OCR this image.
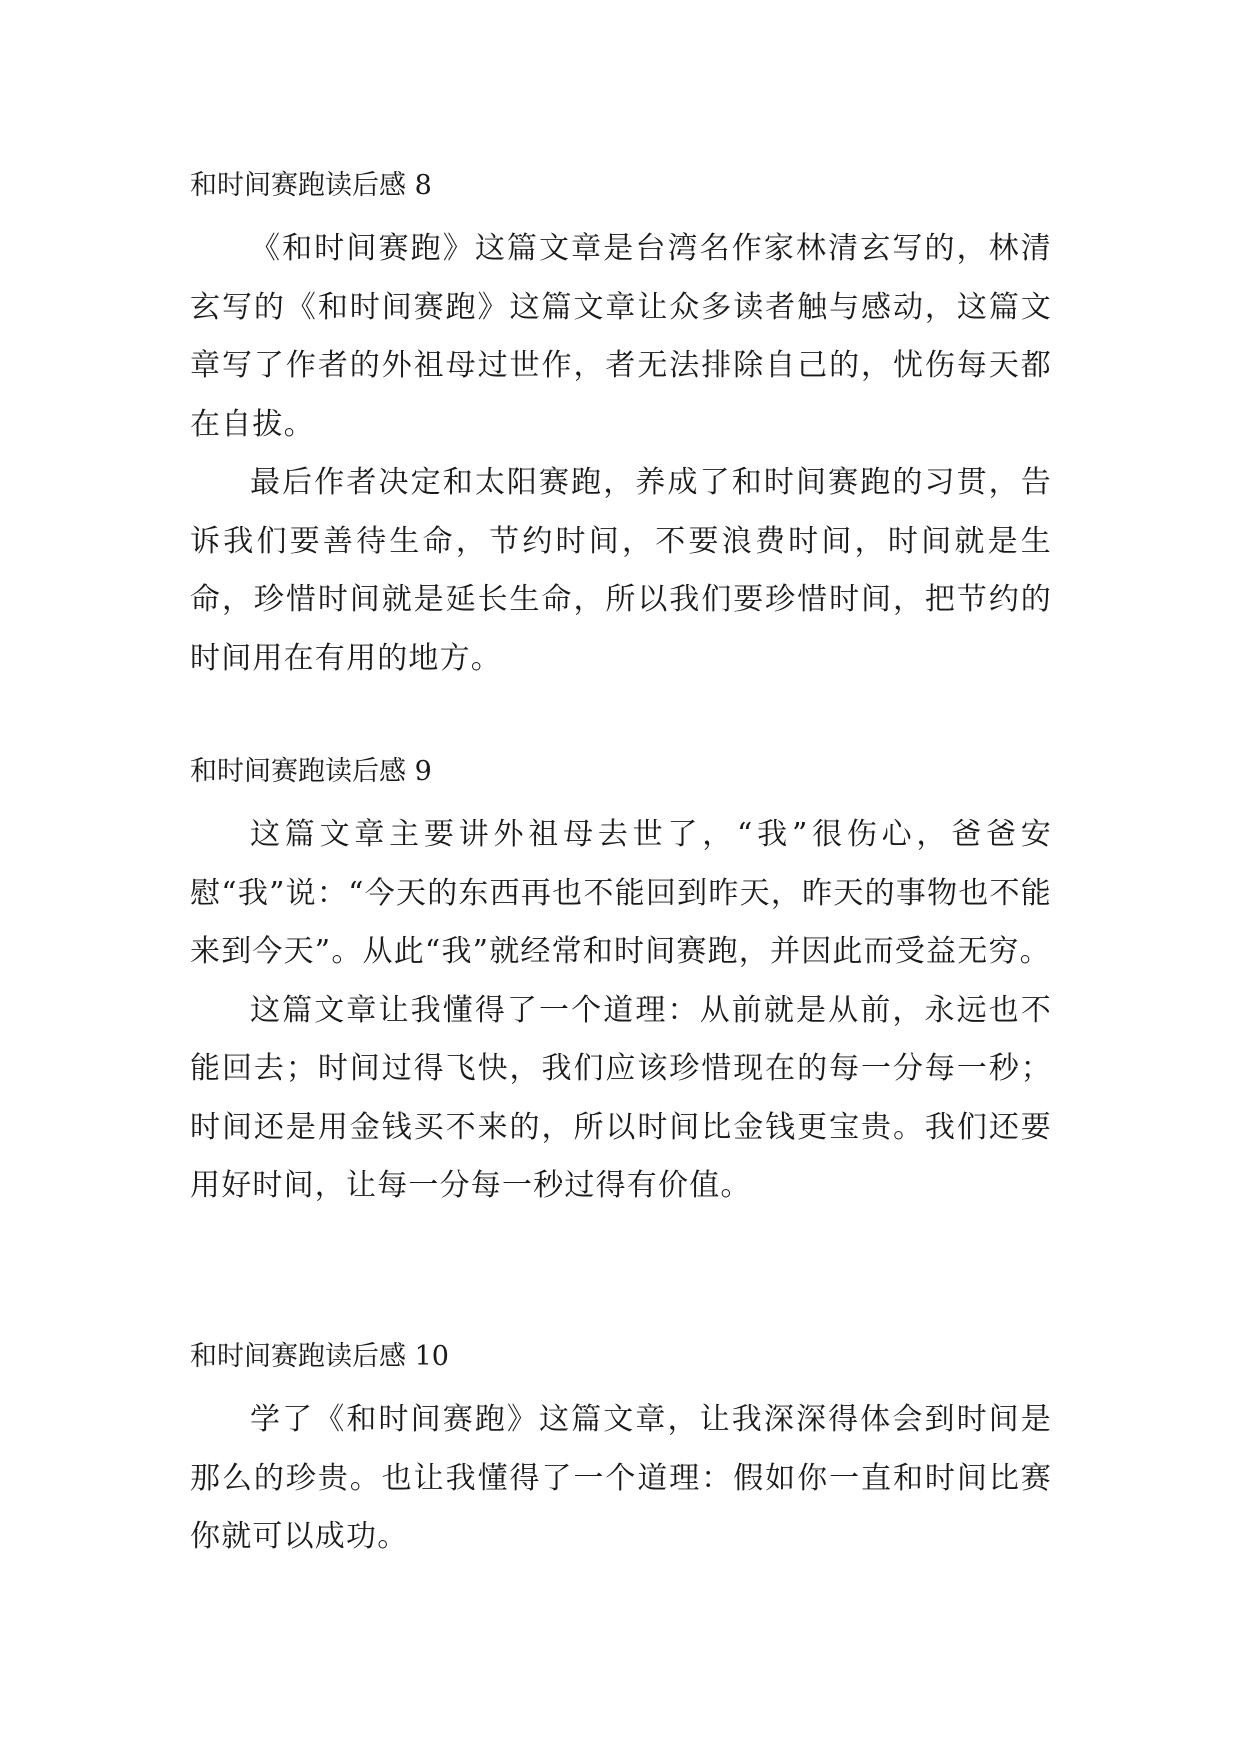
和时间赛跑读后感 8

《和时间赛跑》这篇文章是台湾名作家林清玄写的，林清玄写的《和时间赛跑》这篇文章让众多读者触与感动，这篇文章写了作者的外祖母过世作，者无法排除自己的，忧伤每天都在自拔。

最后作者决定和太阳赛跑，养成了和时间赛跑的习贯，告诉我们要善待生命，节约时间，不要浪费时间，时间就是生命，珍惜时间就是延长生命，所以我们要珍惜时间，把节约的时间用在有用的地方。

和时间赛跑读后感 9

这篇文章主要讲外祖母去世了，“我”很伤心，爸爸安慰“我”说：“今天的东西再也不能回到昨天，昨天的事物也不能来到今天”。从此“我”就经常和时间赛跑，并因此而受益无穷。

这篇文章让我懂得了一个道理：从前就是从前，永远也不能回去；时间过得飞快，我们应该珍惜现在的每一分每一秒；时间还是用金钱买不来的，所以时间比金钱更宝贵。我们还要用好时间，让每一分每一秒过得有价值。

和时间赛跑读后感 10

学了《和时间赛跑》这篇文章，让我深深得体会到时间是那么的珍贵。也让我懂得了一个道理：假如你一直和时间比赛你就可以成功。
